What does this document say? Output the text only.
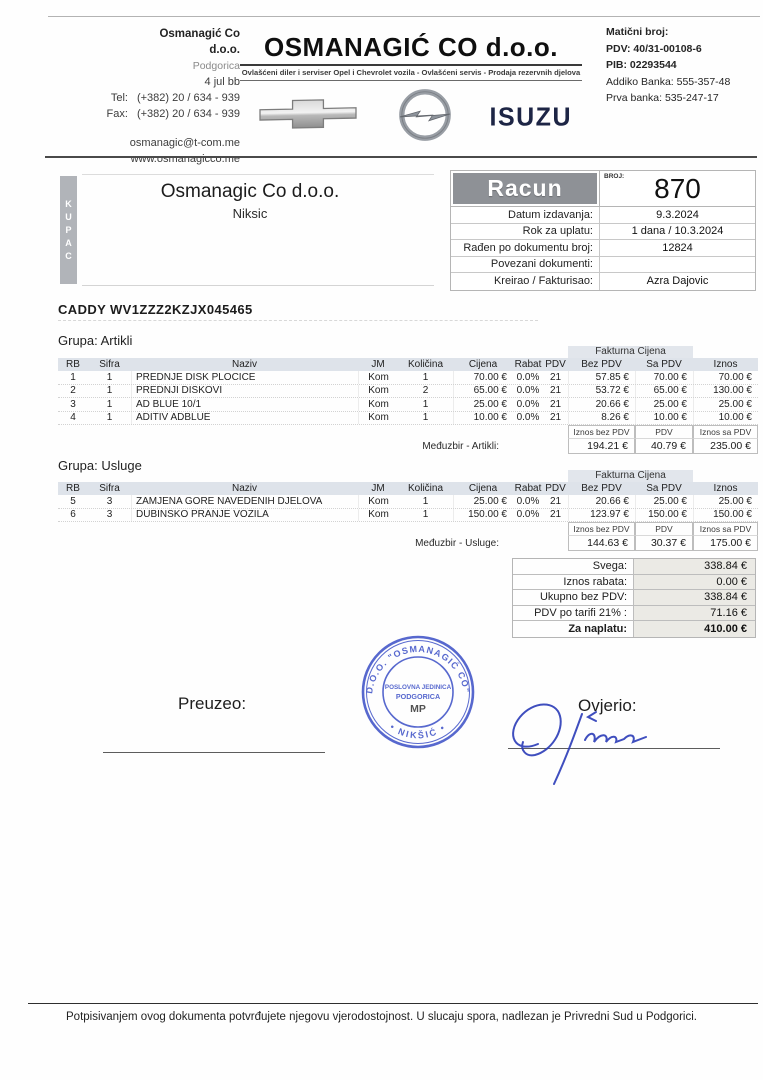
Osmanagić Co
d.o.o.
Podgorica
4 jul bb
Tel: (+382) 20 / 634 - 939
Fax: (+382) 20 / 634 - 939
osmanagic@t-com.me
www.osmanagicco.me
OSMANAGIĆ CO d.o.o.
Ovlašćeni diler i serviser Opel i Chevrolet vozila - Ovlašćeni servis - Prodaja rezervnih djelova
ISUZU
Matični broj:
PDV: 40/31-00108-6
PIB: 02293544
Addiko Banka: 555-357-48
Prva banka: 535-247-17
K
U
P
A
C
Osmanagic Co d.o.o.
Niksic
Racun	BROJ: 870
Datum izdavanja:	9.3.2024
Rok za uplatu:	1 dana / 10.3.2024
Rađen po dokumentu broj:	12824
Povezani dokumenti:
Kreirao / Fakturisao:	Azra Dajovic
CADDY WV1ZZZ2KZJX045465
Grupa: Artikli
Fakturna Cijena
RB	Sifra	Naziv	JM	Količina	Cijena	Rabat PDV	Bez PDV	Sa PDV	Iznos
1	1	PREDNJE DISK PLOCICE	Kom	1	70.00 € 0.0%	21	57.85 €	70.00 €	70.00 €
2	1	PREDNJI DISKOVI	Kom	2	65.00 € 0.0%	21	53.72 €	65.00 €	130.00 €
3	1	AD BLUE 10/1	Kom	1	25.00 € 0.0%	21	20.66 €	25.00 €	25.00 €
4	1	ADITIV ADBLUE	Kom	1	10.00 € 0.0%	21	8.26 €	10.00 €	10.00 €
Iznos bez PDV	PDV	Iznos sa PDV
Međuzbir - Artikli:	194.21 €	40.79 €	235.00 €
Grupa: Usluge
Fakturna Cijena
RB	Sifra	Naziv	JM	Količina	Cijena	Rabat PDV	Bez PDV	Sa PDV	Iznos
5	3	ZAMJENA GORE NAVEDENIH DJELOVA	Kom	1	25.00 € 0.0%	21	20.66 €	25.00 €	25.00 €
6	3	DUBINSKO PRANJE VOZILA	Kom	1	150.00 € 0.0%	21	123.97 €	150.00 €	150.00 €
Iznos bez PDV	PDV	Iznos sa PDV
Međuzbir - Usluge:	144.63 €	30.37 €	175.00 €
Svega:	338.84 €
Iznos rabata:	0.00 €
Ukupno bez PDV:	338.84 €
PDV po tarifi 21% :	71.16 €
Za naplatu:	410.00 €
Preuzeo:
D.O.O. "OSMANAGIĆ CO"
• NIKŠIĆ •
POSLOVNA JEDINICA
PODGORICA
MP	Ovjerio:
Potpisivanjem ovog dokumenta potvrđujete njegovu vjerodostojnost. U slucaju spora, nadlezan je Privredni Sud u Podgorici.
